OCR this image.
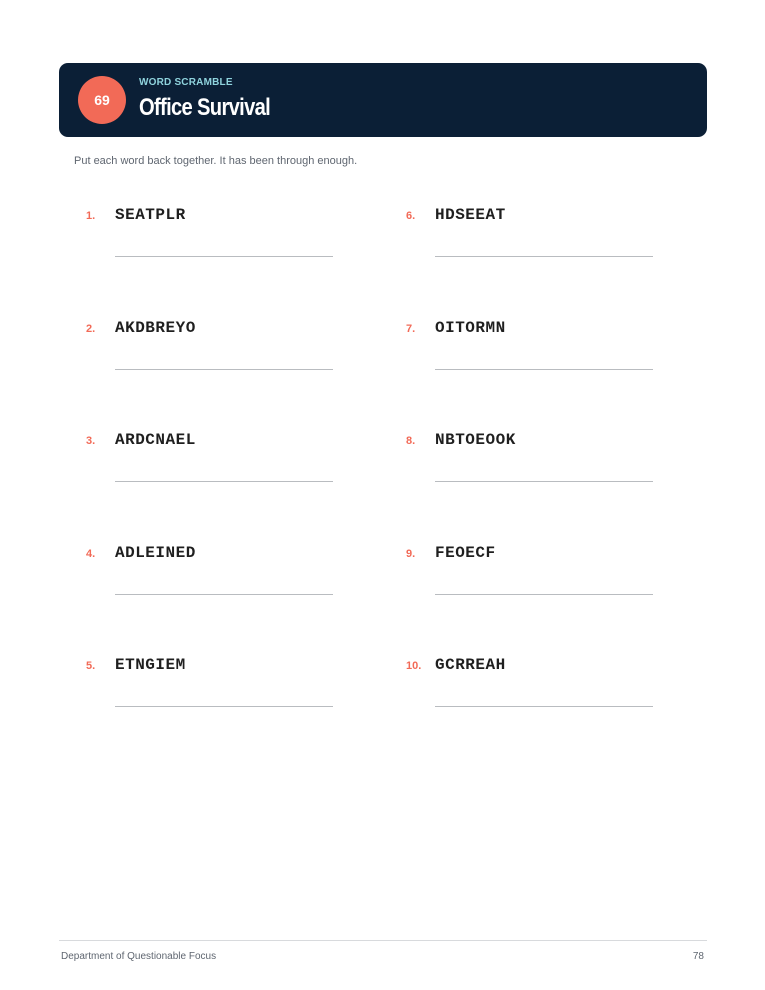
69
WORD SCRAMBLE
Office Survival
Put each word back together. It has been through enough.
1. SEATPLR
2. AKDBREYO
3. ARDCNAEL
4. ADLEINED
5. ETNGIEM
6. HDSEEAT
7. OITORMN
8. NBTOEOOK
9. FEOECF
10. GCRREAH
Department of Questionable Focus	78
